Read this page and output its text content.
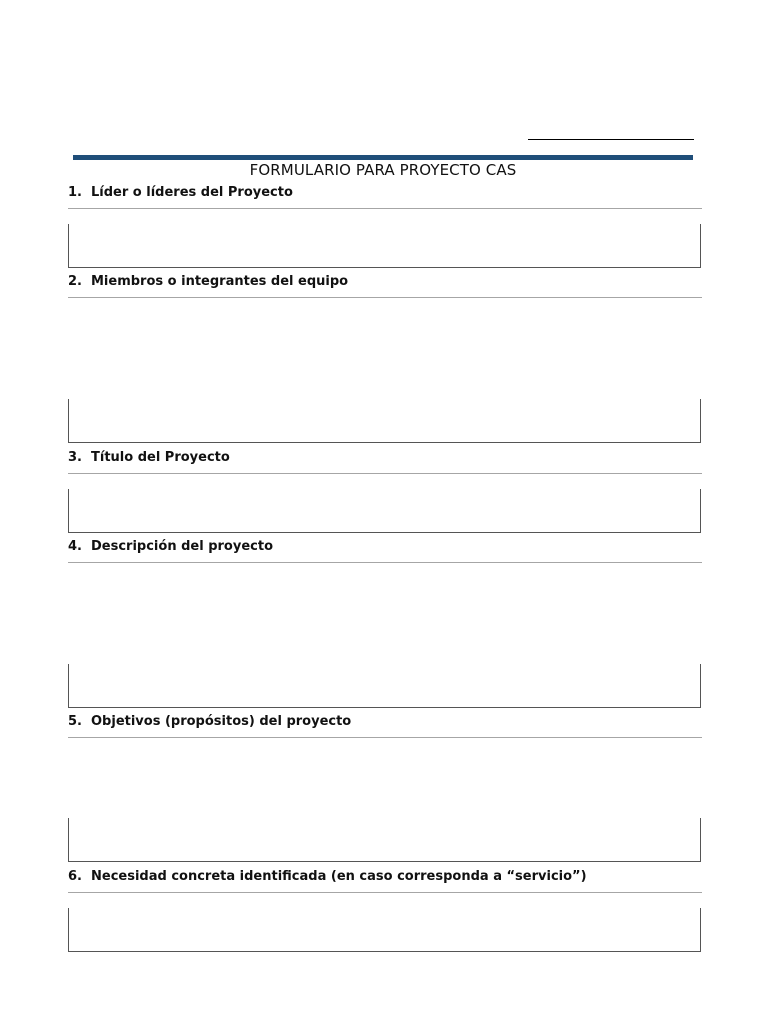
FORMULARIO PARA PROYECTO CAS
1. Líder o líderes del Proyecto
2. Miembros o integrantes del equipo
3. Título del Proyecto
4. Descripción del proyecto
5. Objetivos (propósitos) del proyecto
6. Necesidad concreta identificada (en caso corresponda a “servicio”)
